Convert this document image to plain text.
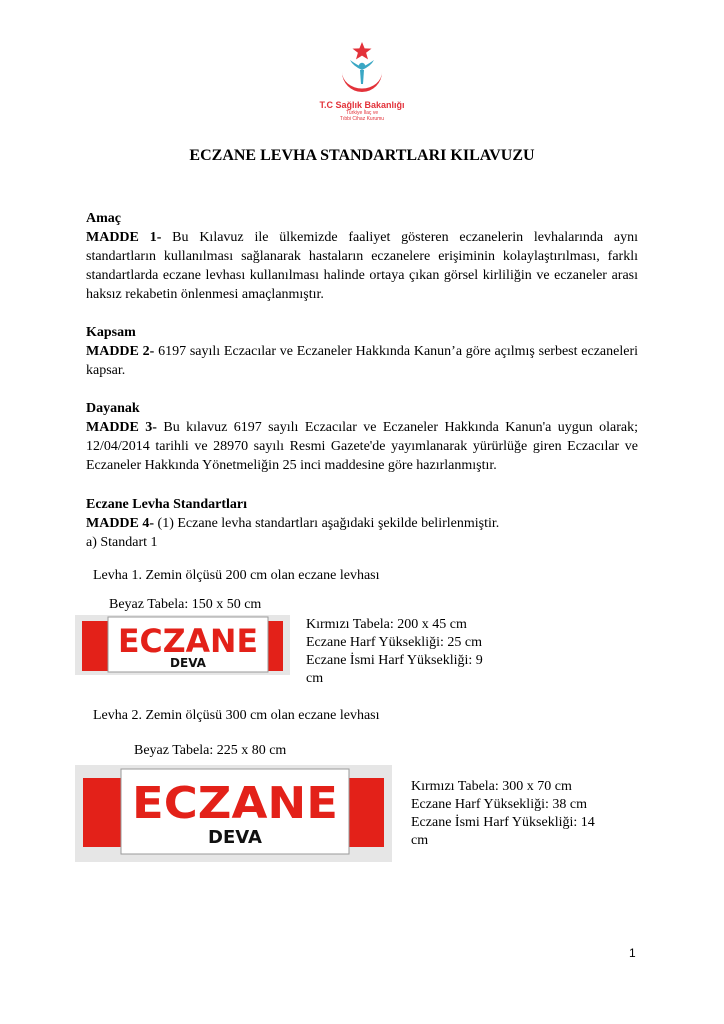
T.C Sağlık Bakanlığı
Türkiye İlaç ve
Tıbbi Cihaz Kurumu
ECZANE LEVHA STANDARTLARI KILAVUZU

Amaç

MADDE 1- Bu Kılavuz ile ülkemizde faaliyet gösteren eczanelerin levhalarında aynı standartların kullanılması sağlanarak hastaların eczanelere erişiminin kolaylaştırılması, farklı standartlarda eczane levhası kullanılması halinde ortaya çıkan görsel kirliliğin ve eczaneler arası haksız rekabetin önlenmesi amaçlanmıştır.

Kapsam

MADDE 2- 6197 sayılı Eczacılar ve Eczaneler Hakkında Kanun’a göre açılmış serbest eczaneleri kapsar.

Dayanak

MADDE 3- Bu kılavuz 6197 sayılı Eczacılar ve Eczaneler Hakkında Kanun'a uygun olarak; 12/04/2014 tarihli ve 28970 sayılı Resmi Gazete'de yayımlanarak yürürlüğe giren Eczacılar ve Eczaneler Hakkında Yönetmeliğin 25 inci maddesine göre hazırlanmıştır.

Eczane Levha Standartları

MADDE 4- (1) Eczane levha standartları aşağıdaki şekilde belirlenmiştir.

a) Standart 1

Levha 1. Zemin ölçüsü 200 cm olan eczane levhası
Beyaz Tabela: 150 x 50 cm
ECZANE
DEVA
Kırmızı Tabela: 200 x 45 cm
Eczane Harf Yüksekliği: 25 cm
Eczane İsmi Harf Yüksekliği: 9
cm
Levha 2. Zemin ölçüsü 300 cm olan eczane levhası
Beyaz Tabela: 225 x 80 cm
ECZANE
DEVA
Kırmızı Tabela: 300 x 70 cm
Eczane Harf Yüksekliği: 38 cm
Eczane İsmi Harf Yüksekliği: 14
cm
1
